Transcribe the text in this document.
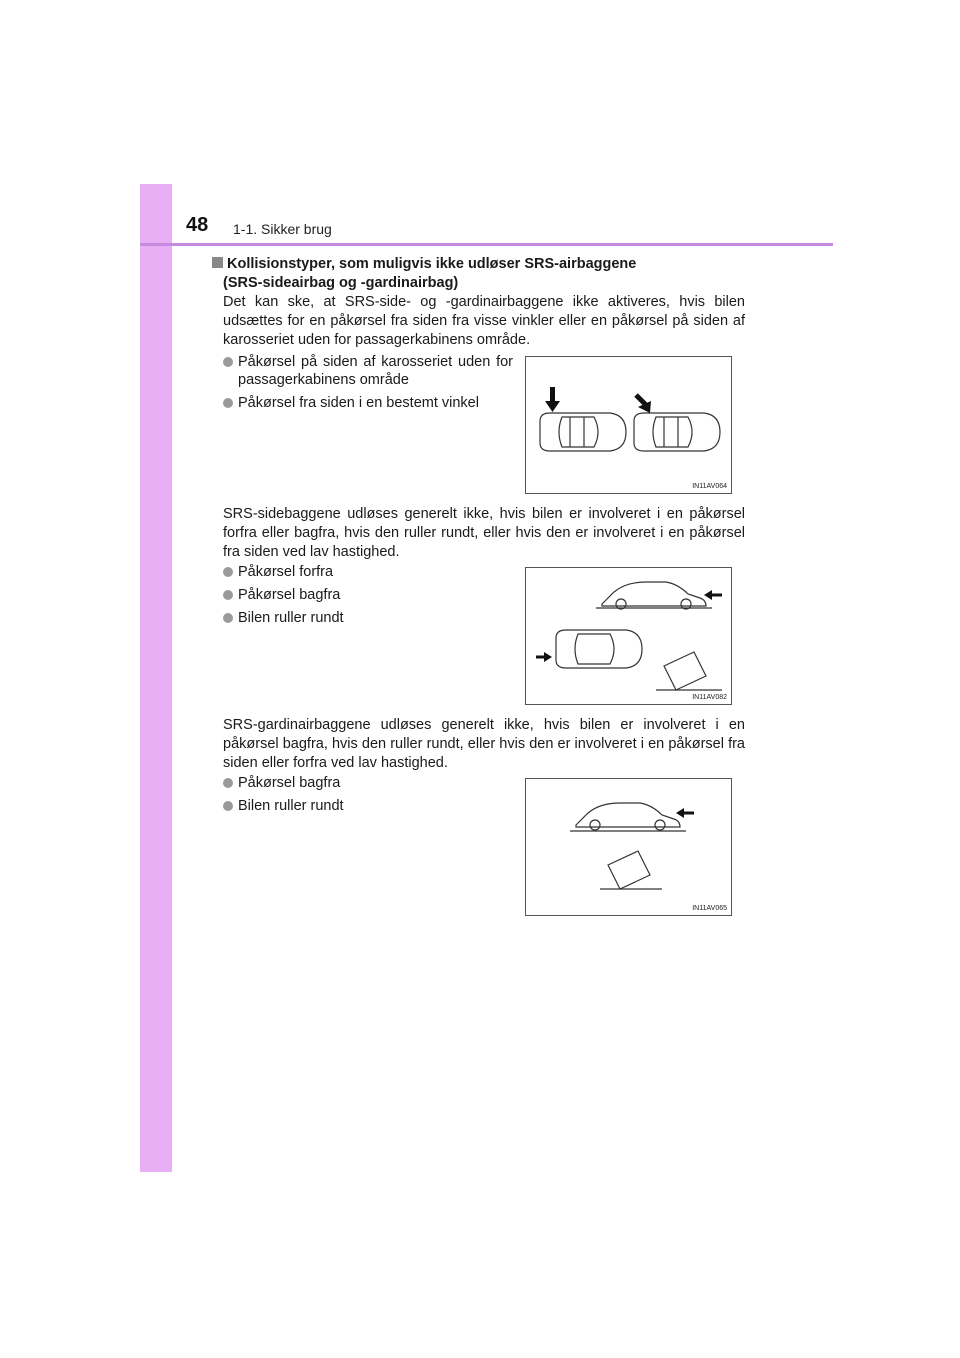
48 1-1. Sikker brug
Kollisionstyper, som muligvis ikke udløser SRS-airbaggene
(SRS-sideairbag og -gardinairbag)
Det kan ske, at SRS-side- og -gardinairbaggene ikke aktiveres, hvis bilen udsættes for en påkørsel fra siden fra visse vinkler eller en påkørsel på siden af karosseriet uden for passagerkabinens område.
Påkørsel på siden af karosseriet uden for passagerkabinens område
Påkørsel fra siden i en bestemt vinkel
IN11AV064
SRS-sidebaggene udløses generelt ikke, hvis bilen er involveret i en påkørsel forfra eller bagfra, hvis den ruller rundt, eller hvis den er involveret i en påkørsel fra siden ved lav hastighed.
Påkørsel forfra
Påkørsel bagfra
Bilen ruller rundt
IN11AV082
SRS-gardinairbaggene udløses generelt ikke, hvis bilen er involveret i en påkørsel bagfra, hvis den ruller rundt, eller hvis den er involveret i en påkørsel fra siden eller forfra ved lav hastighed.
Påkørsel bagfra
Bilen ruller rundt
IN11AV065
